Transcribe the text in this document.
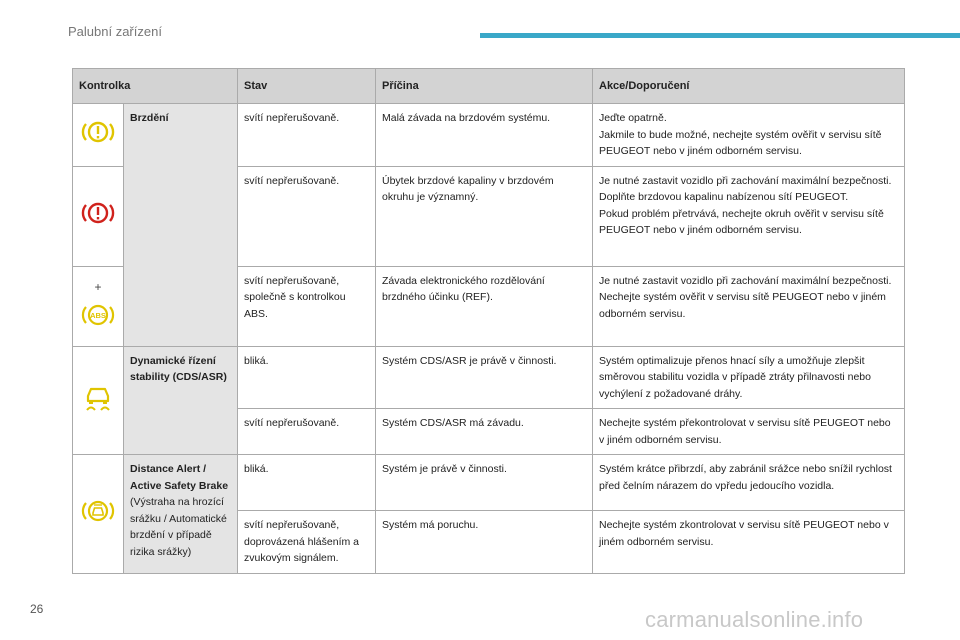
Palubní zařízení
Kontrolka		Stav	Příčina	Akce/Doporučení
	Brzdění	svítí nepřerušovaně.	Malá závada na brzdovém systému.	Jeďte opatrně.
Jakmile to bude možné, nechejte systém ověřit v servisu sítě PEUGEOT nebo v jiném odborném servisu.
	svítí nepřerušovaně.	Úbytek brzdové kapaliny v brzdovém okruhu je významný.	Je nutné zastavit vozidlo při zachování maximální bezpečnosti.
Doplňte brzdovou kapalinu nabízenou sítí PEUGEOT.
Pokud problém přetrvává, nechejte okruh ověřit v servisu sítě PEUGEOT nebo v jiném odborném servisu.

+
ABS		svítí nepřerušovaně, společně s kontrolkou ABS.	Závada elektronického rozdělování brzdného účinku (REF).	Je nutné zastavit vozidlo při zachování maximální bezpečnosti.
Nechejte systém ověřit v servisu sítě PEUGEOT nebo v jiném odborném servisu.
	Dynamické řízení stability (CDS/ASR)	bliká.	Systém CDS/ASR je právě v činnosti.	Systém optimalizuje přenos hnací síly a umožňuje zlepšit směrovou stabilitu vozidla v případě ztráty přilnavosti nebo vychýlení z požadované dráhy.
		svítí nepřerušovaně.	Systém CDS/ASR má závadu.	Nechejte systém překontrolovat v servisu sítě PEUGEOT nebo v jiném odborném servisu.
	Distance Alert / Active Safety Brake (Výstraha na hrozící srážku / Automatické brzdění v případě rizika srážky)	bliká.	Systém je právě v činnosti.	Systém krátce přibrzdí, aby zabránil srážce nebo snížil rychlost před čelním nárazem do vpředu jedoucího vozidla.
		svítí nepřerušovaně, doprovázená hlášením a zvukovým signálem.	Systém má poruchu.	Nechejte systém zkontrolovat v servisu sítě PEUGEOT nebo v jiném odborném servisu.
26	carmanualsonline.info
